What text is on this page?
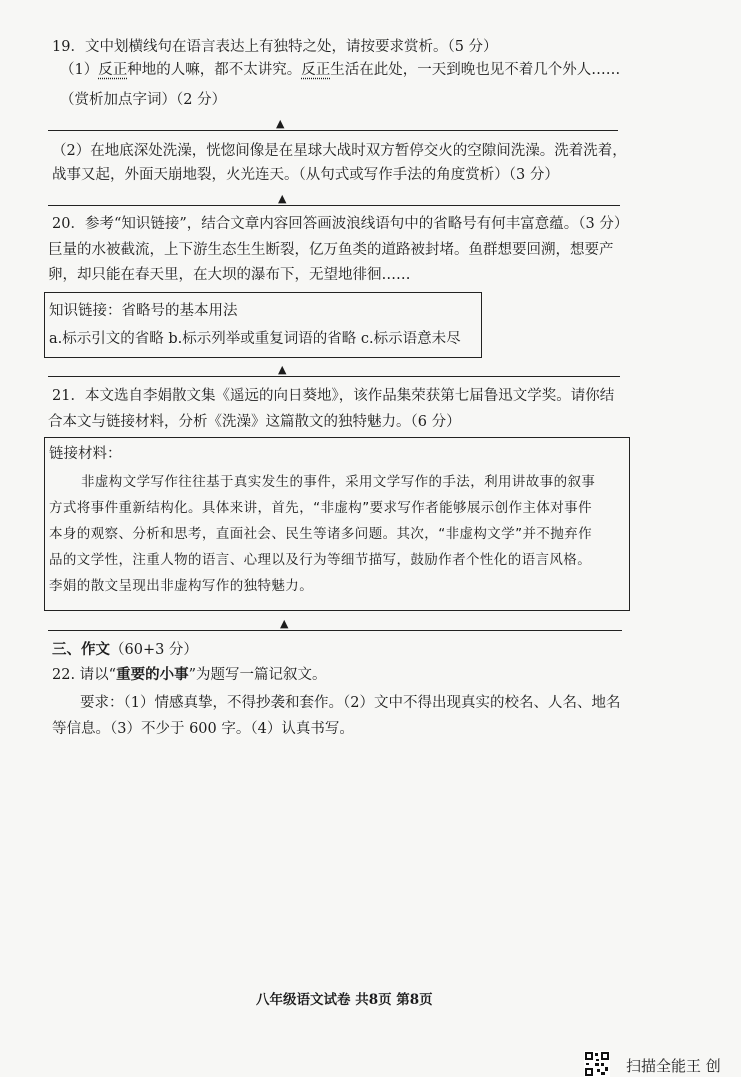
19．文中划横线句在语言表达上有独特之处，请按要求赏析。（5 分）
（1）反正种地的人嘛，都不太讲究。反正生活在此处，一天到晚也见不着几个外人……
（赏析加点字词）（2 分）
▲
（2）在地底深处洗澡，恍惚间像是在星球大战时双方暂停交火的空隙间洗澡。洗着洗着，
战事又起，外面天崩地裂，火光连天。（从句式或写作手法的角度赏析）（3 分）
▲
20．参考“知识链接”，结合文章内容回答画波浪线语句中的省略号有何丰富意蕴。（3 分）
巨量的水被截流，上下游生态生生断裂，亿万鱼类的道路被封堵。鱼群想要回溯，想要产
卵，却只能在春天里，在大坝的瀑布下，无望地徘徊……
知识链接：省略号的基本用法
a.标示引文的省略 b.标示列举或重复词语的省略 c.标示语意未尽
▲
21．本文选自李娟散文集《遥远的向日葵地》，该作品集荣获第七届鲁迅文学奖。请你结
合本文与链接材料，分析《洗澡》这篇散文的独特魅力。（6 分）
链接材料：
非虚构文学写作往往基于真实发生的事件，采用文学写作的手法，利用讲故事的叙事
方式将事件重新结构化。具体来讲，首先，“非虚构”要求写作者能够展示创作主体对事件
本身的观察、分析和思考，直面社会、民生等诸多问题。其次，“非虚构文学”并不抛弃作
品的文学性，注重人物的语言、心理以及行为等细节描写，鼓励作者个性化的语言风格。
李娟的散文呈现出非虚构写作的独特魅力。
▲
三、作文（60+3 分）
22. 请以“重要的小事”为题写一篇记叙文。
要求：（1）情感真挚，不得抄袭和套作。（2）文中不得出现真实的校名、人名、地名
等信息。（3）不少于 600 字。（4）认真书写。
八年级语文试卷 共8页 第8页
扫描全能王 创
